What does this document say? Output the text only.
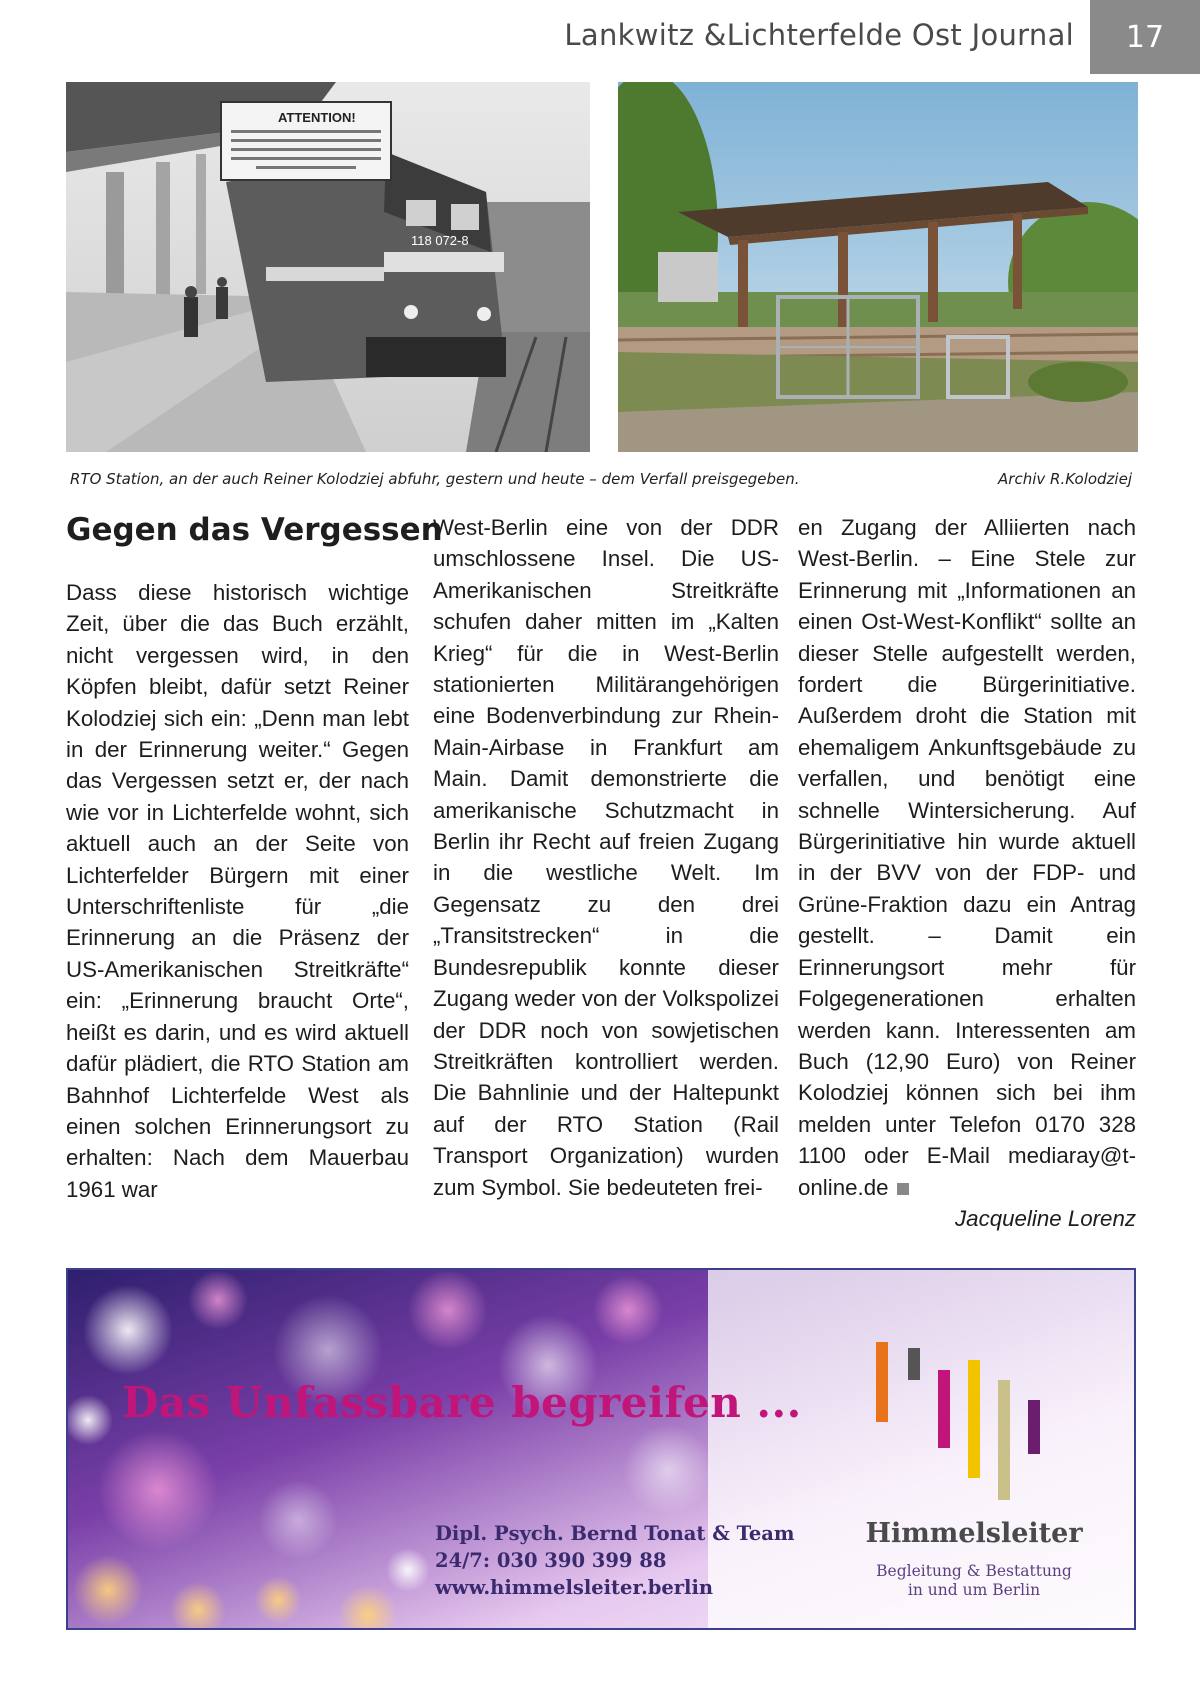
Lankwitz &Lichterfelde Ost Journal 17
118 072-8
ATTENTION!
RTO Station, an der auch Reiner Kolodziej abfuhr, gestern und heute – dem Verfall preisgegeben.	Archiv R.Kolodziej
Gegen das Vergessen

Dass diese historisch wichtige Zeit, über die das Buch erzählt, nicht vergessen wird, in den Köpfen bleibt, dafür setzt Reiner Kolodziej sich ein: „Denn man lebt in der Erinnerung weiter.“ Gegen das Vergessen setzt er, der nach wie vor in Lichterfelde wohnt, sich aktuell auch an der Seite von Lichterfelder Bürgern mit einer Unterschriftenliste für „die Erinnerung an die Präsenz der US-Amerikanischen Streitkräfte“ ein: „Erinnerung braucht Orte“, heißt es darin, und es wird aktuell dafür plädiert, die RTO Station am Bahnhof Lichterfelde West als einen solchen Erinnerungsort zu erhalten: Nach dem Mauerbau 1961 war

West-Berlin eine von der DDR umschlossene Insel. Die US-Amerikanischen Streitkräfte schufen daher mitten im „Kalten Krieg“ für die in West-Berlin stationierten Militärangehörigen eine Bodenverbindung zur Rhein-Main-Airbase in Frankfurt am Main. Damit demonstrierte die amerikanische Schutzmacht in Berlin ihr Recht auf freien Zugang in die westliche Welt. Im Gegensatz zu den drei „Transitstrecken“ in die Bundesrepublik konnte dieser Zugang weder von der Volkspolizei der DDR noch von sowjetischen Streitkräften kontrolliert werden. Die Bahnlinie und der Haltepunkt auf der RTO Station (Rail Transport Organization) wurden zum Symbol. Sie bedeuteten frei-

en Zugang der Alliierten nach West-Berlin. – Eine Stele zur Erinnerung mit „Informationen an einen Ost-West-Konflikt“ sollte an dieser Stelle aufgestellt werden, fordert die Bürgerinitiative. Außerdem droht die Station mit ehemaligem Ankunftsgebäude zu verfallen, und benötigt eine schnelle Wintersicherung. Auf Bürgerinitiative hin wurde aktuell in der BVV von der FDP- und Grüne-Fraktion dazu ein Antrag gestellt. – Damit ein Erinnerungsort mehr für Folgegenerationen erhalten werden kann. Interessenten am Buch (12,90 Euro) von Reiner Kolodziej können sich bei ihm melden unter Telefon 0170 328 1100 oder E-Mail mediaray@t-online.de

Jacqueline Lorenz
Das Unfassbare begreifen ...
Dipl. Psych. Bernd Tonat & Team
24/7: 030 390 399 88
www.himmelsleiter.berlin
Himmelsleiter
Begleitung & Bestattung
in und um Berlin
